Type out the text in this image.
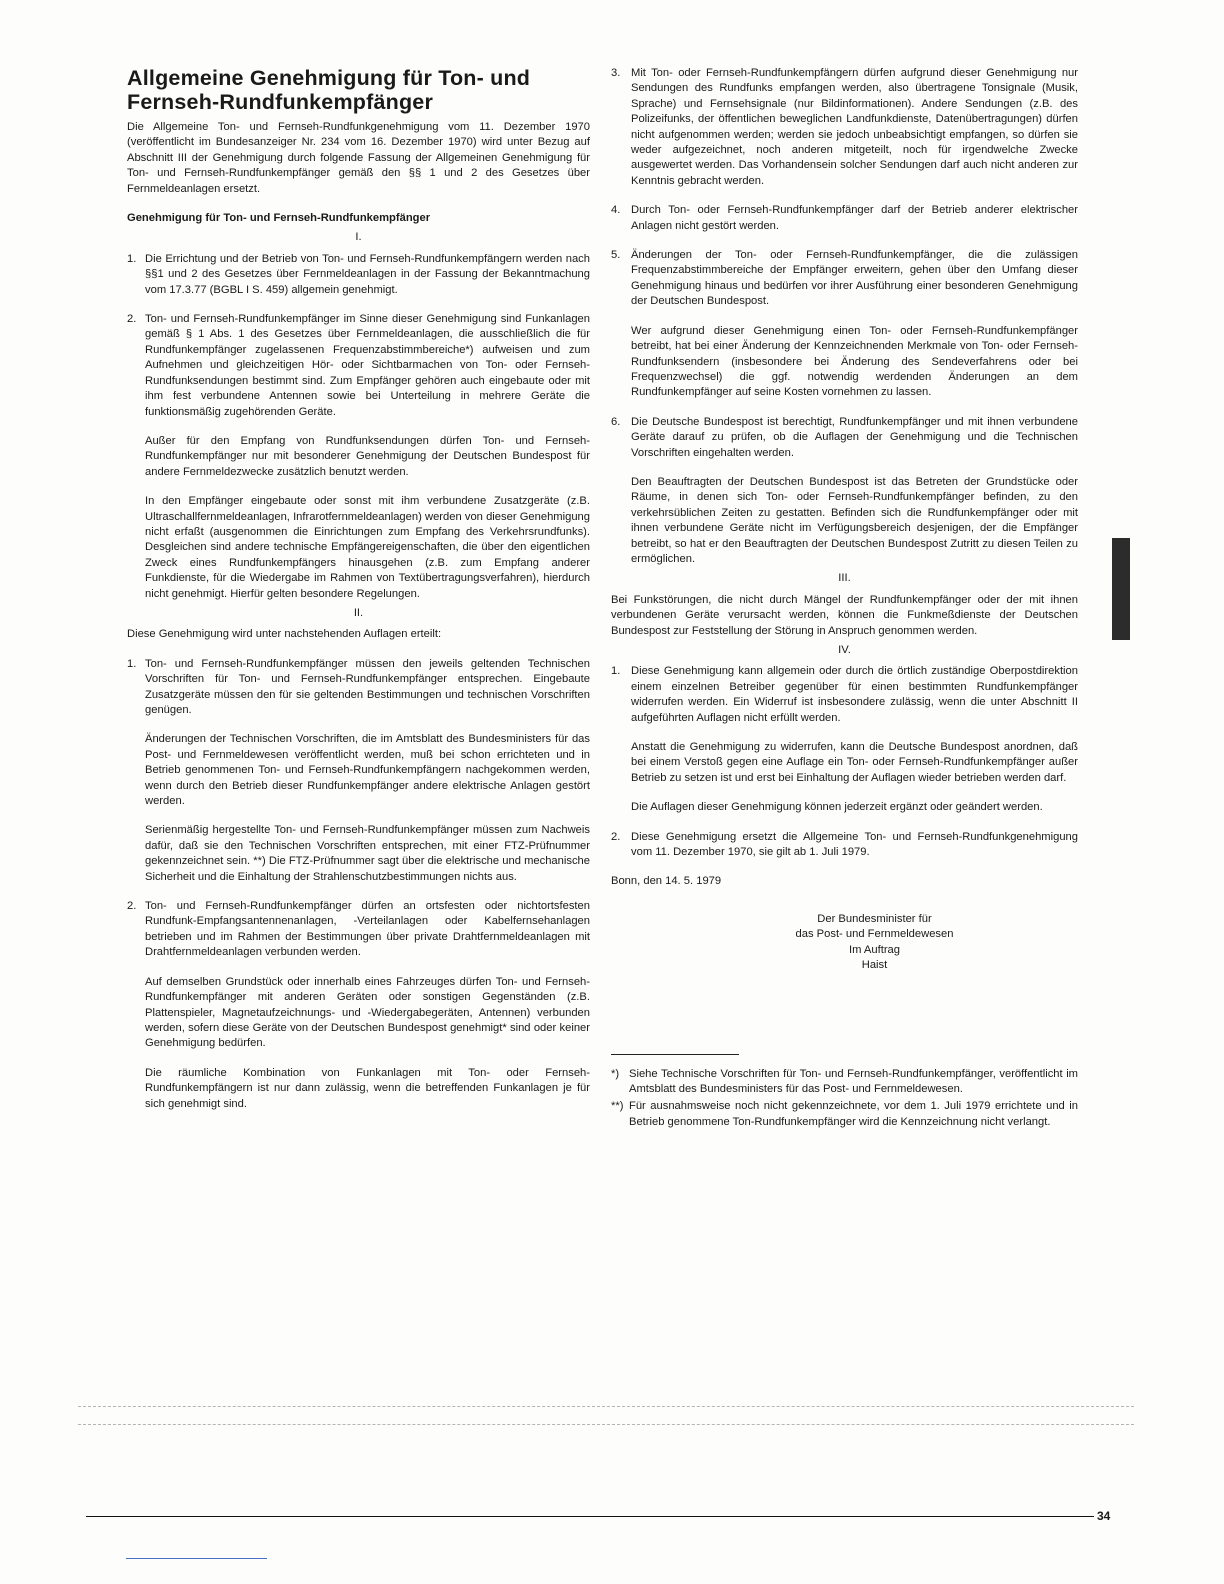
Allgemeine Genehmigung für Ton- und Fernseh-Rundfunkempfänger

Die Allgemeine Ton- und Fernseh-Rundfunkgenehmigung vom 11. Dezember 1970 (veröffentlicht im Bundesanzeiger Nr. 234 vom 16. Dezember 1970) wird unter Bezug auf Abschnitt III der Genehmigung durch folgende Fassung der Allgemeinen Genehmigung für Ton- und Fernseh-Rundfunkempfänger gemäß den §§ 1 und 2 des Gesetzes über Fernmeldeanlagen ersetzt.

Genehmigung für Ton- und Fernseh-Rundfunkempfänger
I.
1. Die Errichtung und der Betrieb von Ton- und Fernseh-Rundfunkempfängern werden nach §§1 und 2 des Gesetzes über Fernmeldeanlagen in der Fassung der Bekanntmachung vom 17.3.77 (BGBL I S. 459) allgemein genehmigt.
2. Ton- und Fernseh-Rundfunkempfänger im Sinne dieser Genehmigung sind Funkanlagen gemäß § 1 Abs. 1 des Gesetzes über Fernmeldeanlagen, die ausschließlich die für Rundfunkempfänger zugelassenen Frequenzabstimmbereiche*) aufweisen und zum Aufnehmen und gleichzeitigen Hör- oder Sichtbarmachen von Ton- oder Fernseh-Rundfunksendungen bestimmt sind. Zum Empfänger gehören auch eingebaute oder mit ihm fest verbundene Antennen sowie bei Unterteilung in mehrere Geräte die funktionsmäßig zugehörenden Geräte.

Außer für den Empfang von Rundfunksendungen dürfen Ton- und Fernseh-Rundfunkempfänger nur mit besonderer Genehmigung der Deutschen Bundespost für andere Fernmeldezwecke zusätzlich benutzt werden.

In den Empfänger eingebaute oder sonst mit ihm verbundene Zusatzgeräte (z.B. Ultraschallfernmeldeanlagen, Infrarotfernmeldeanlagen) werden von dieser Genehmigung nicht erfaßt (ausgenommen die Einrichtungen zum Empfang des Verkehrsrundfunks). Desgleichen sind andere technische Empfängereigenschaften, die über den eigentlichen Zweck eines Rundfunkempfängers hinausgehen (z.B. zum Empfang anderer Funkdienste, für die Wiedergabe im Rahmen von Textübertragungsverfahren), hierdurch nicht genehmigt. Hierfür gelten besondere Regelungen.

II.

Diese Genehmigung wird unter nachstehenden Auflagen erteilt:

1. Ton- und Fernseh-Rundfunkempfänger müssen den jeweils geltenden Technischen Vorschriften für Ton- und Fernseh-Rundfunkempfänger entsprechen. Eingebaute Zusatzgeräte müssen den für sie geltenden Bestimmungen und technischen Vorschriften genügen.

Änderungen der Technischen Vorschriften, die im Amtsblatt des Bundesministers für das Post- und Fernmeldewesen veröffentlicht werden, muß bei schon errichteten und in Betrieb genommenen Ton- und Fernseh-Rundfunkempfängern nachgekommen werden, wenn durch den Betrieb dieser Rundfunkempfänger andere elektrische Anlagen gestört werden.

Serienmäßig hergestellte Ton- und Fernseh-Rundfunkempfänger müssen zum Nachweis dafür, daß sie den Technischen Vorschriften entsprechen, mit einer FTZ-Prüfnummer gekennzeichnet sein. **) Die FTZ-Prüfnummer sagt über die elektrische und mechanische Sicherheit und die Einhaltung der Strahlenschutzbestimmungen nichts aus.

2. Ton- und Fernseh-Rundfunkempfänger dürfen an ortsfesten oder nichtortsfesten Rundfunk-Empfangsantennenanlagen, -Verteilanlagen oder Kabelfernsehanlagen betrieben und im Rahmen der Bestimmungen über private Drahtfernmeldeanlagen mit Drahtfernmeldeanlagen verbunden werden.

Auf demselben Grundstück oder innerhalb eines Fahrzeuges dürfen Ton- und Fernseh-Rundfunkempfänger mit anderen Geräten oder sonstigen Gegenständen (z.B. Plattenspieler, Magnetaufzeichnungs- und -Wiedergabegeräten, Antennen) verbunden werden, sofern diese Geräte von der Deutschen Bundespost genehmigt* sind oder keiner Genehmigung bedürfen.

Die räumliche Kombination von Funkanlagen mit Ton- oder Fernseh-Rundfunkempfängern ist nur dann zulässig, wenn die betreffenden Funkanlagen je für sich genehmigt sind.

3. Mit Ton- oder Fernseh-Rundfunkempfängern dürfen aufgrund dieser Genehmigung nur Sendungen des Rundfunks empfangen werden, also übertragene Tonsignale (Musik, Sprache) und Fernsehsignale (nur Bildinformationen). Andere Sendungen (z.B. des Polizeifunks, der öffentlichen beweglichen Landfunkdienste, Datenübertragungen) dürfen nicht aufgenommen werden; werden sie jedoch unbeabsichtigt empfangen, so dürfen sie weder aufgezeichnet, noch anderen mitgeteilt, noch für irgendwelche Zwecke ausgewertet werden. Das Vorhandensein solcher Sendungen darf auch nicht anderen zur Kenntnis gebracht werden.
4. Durch Ton- oder Fernseh-Rundfunkempfänger darf der Betrieb anderer elektrischer Anlagen nicht gestört werden.
5. Änderungen der Ton- oder Fernseh-Rundfunkempfänger, die die zulässigen Frequenzabstimmbereiche der Empfänger erweitern, gehen über den Umfang dieser Genehmigung hinaus und bedürfen vor ihrer Ausführung einer besonderen Genehmigung der Deutschen Bundespost.

Wer aufgrund dieser Genehmigung einen Ton- oder Fernseh-Rundfunkempfänger betreibt, hat bei einer Änderung der Kennzeichnenden Merkmale von Ton- oder Fernseh-Rundfunksendern (insbesondere bei Änderung des Sendeverfahrens oder bei Frequenzwechsel) die ggf. notwendig werdenden Änderungen an dem Rundfunkempfänger auf seine Kosten vornehmen zu lassen.

6. Die Deutsche Bundespost ist berechtigt, Rundfunkempfänger und mit ihnen verbundene Geräte darauf zu prüfen, ob die Auflagen der Genehmigung und die Technischen Vorschriften eingehalten werden.

Den Beauftragten der Deutschen Bundespost ist das Betreten der Grundstücke oder Räume, in denen sich Ton- oder Fernseh-Rundfunkempfänger befinden, zu den verkehrsüblichen Zeiten zu gestatten. Befinden sich die Rundfunkempfänger oder mit ihnen verbundene Geräte nicht im Verfügungsbereich desjenigen, der die Empfänger betreibt, so hat er den Beauftragten der Deutschen Bundespost Zutritt zu diesen Teilen zu ermöglichen.

III.

Bei Funkstörungen, die nicht durch Mängel der Rundfunkempfänger oder der mit ihnen verbundenen Geräte verursacht werden, können die Funkmeßdienste der Deutschen Bundespost zur Feststellung der Störung in Anspruch genommen werden.

IV.
1. Diese Genehmigung kann allgemein oder durch die örtlich zuständige Oberpostdirektion einem einzelnen Betreiber gegenüber für einen bestimmten Rundfunkempfänger widerrufen werden. Ein Widerruf ist insbesondere zulässig, wenn die unter Abschnitt II aufgeführten Auflagen nicht erfüllt werden.

Anstatt die Genehmigung zu widerrufen, kann die Deutsche Bundespost anordnen, daß bei einem Verstoß gegen eine Auflage ein Ton- oder Fernseh-Rundfunkempfänger außer Betrieb zu setzen ist und erst bei Einhaltung der Auflagen wieder betrieben werden darf.

Die Auflagen dieser Genehmigung können jederzeit ergänzt oder geändert werden.

2. Diese Genehmigung ersetzt die Allgemeine Ton- und Fernseh-Rundfunkgenehmigung vom 11. Dezember 1970, sie gilt ab 1. Juli 1979.
Bonn, den 14. 5. 1979
Der Bundesminister für
das Post- und Fernmeldewesen
Im Auftrag
Haist
*) Siehe Technische Vorschriften für Ton- und Fernseh-Rundfunkempfänger, veröffentlicht im Amtsblatt des Bundesministers für das Post- und Fernmeldewesen.
**) Für ausnahmsweise noch nicht gekennzeichnete, vor dem 1. Juli 1979 errichtete und in Betrieb genommene Ton-Rundfunkempfänger wird die Kennzeichnung nicht verlangt.
34
